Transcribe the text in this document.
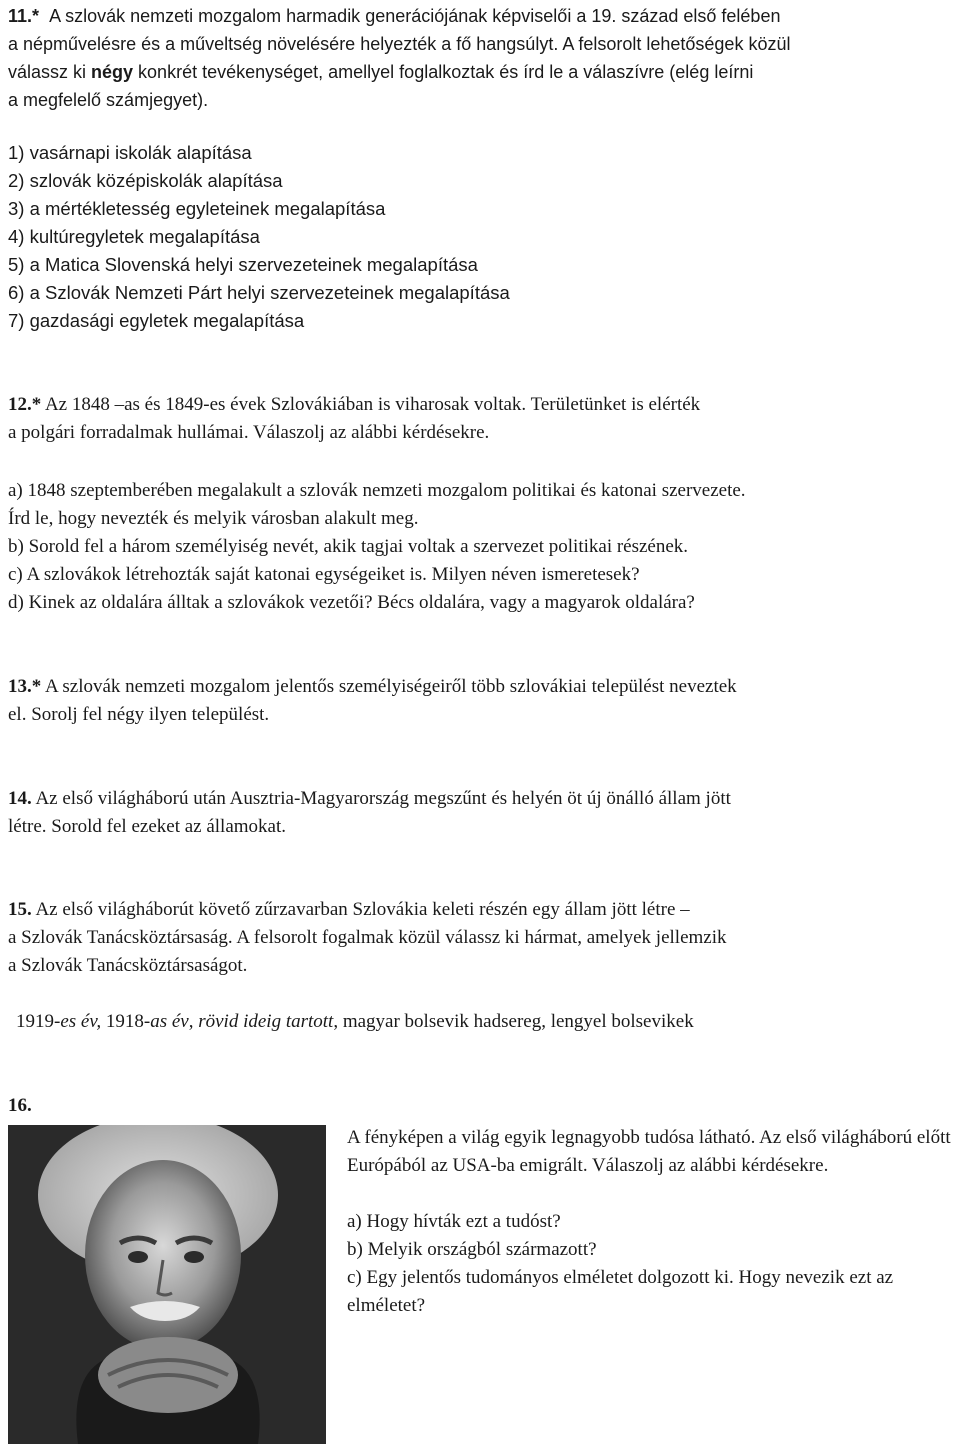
11.* A szlovák nemzeti mozgalom harmadik generációjának képviselői a 19. század első felében

a népművelésre és a műveltség növelésére helyezték a fő hangsúlyt. A felsorolt lehetőségek közül

válassz ki négy konkrét tevékenységet, amellyel foglalkoztak és írd le a válaszívre (elég leírni

a megfelelő számjegyet).

1) vasárnapi iskolák alapítása

2) szlovák középiskolák alapítása

3) a mértékletesség egyleteinek megalapítása

4) kultúregyletek megalapítása

5) a Matica Slovenská helyi szervezeteinek megalapítása

6) a Szlovák Nemzeti Párt helyi szervezeteinek megalapítása

7) gazdasági egyletek megalapítása

12.* Az 1848 –as és 1849-es évek Szlovákiában is viharosak voltak. Területünket is elérték

a polgári forradalmak hullámai. Válaszolj az alábbi kérdésekre.

a) 1848 szeptemberében megalakult a szlovák nemzeti mozgalom politikai és katonai szervezete.

Írd le, hogy nevezték és melyik városban alakult meg.

b) Sorold fel a három személyiség nevét, akik tagjai voltak a szervezet politikai részének.

c) A szlovákok létrehozták saját katonai egységeiket is. Milyen néven ismeretesek?

d) Kinek az oldalára álltak a szlovákok vezetői? Bécs oldalára, vagy a magyarok oldalára?

13.* A szlovák nemzeti mozgalom jelentős személyiségeiről több szlovákiai települést neveztek

el. Sorolj fel négy ilyen települést.

14. Az első világháború után Ausztria-Magyarország megszűnt és helyén öt új önálló állam jött

létre. Sorold fel ezeket az államokat.

15. Az első világháborút követő zűrzavarban Szlovákia keleti részén egy állam jött létre –

a Szlovák Tanácsköztársaság. A felsorolt fogalmak közül válassz ki hármat, amelyek jellemzik

a Szlovák Tanácsköztársaságot.

1919-es év, 1918-as év, rövid ideig tartott, magyar bolsevik hadsereg, lengyel bolsevikek

16.

A fényképen a világ egyik legnagyobb tudósa látható. Az első világháború előtt Európából az USA-ba emigrált. Válaszolj az alábbi kérdésekre.

a) Hogy hívták ezt a tudóst?

b) Melyik országból származott?

c) Egy jelentős tudományos elméletet dolgozott ki. Hogy nevezik ezt az elméletet?
